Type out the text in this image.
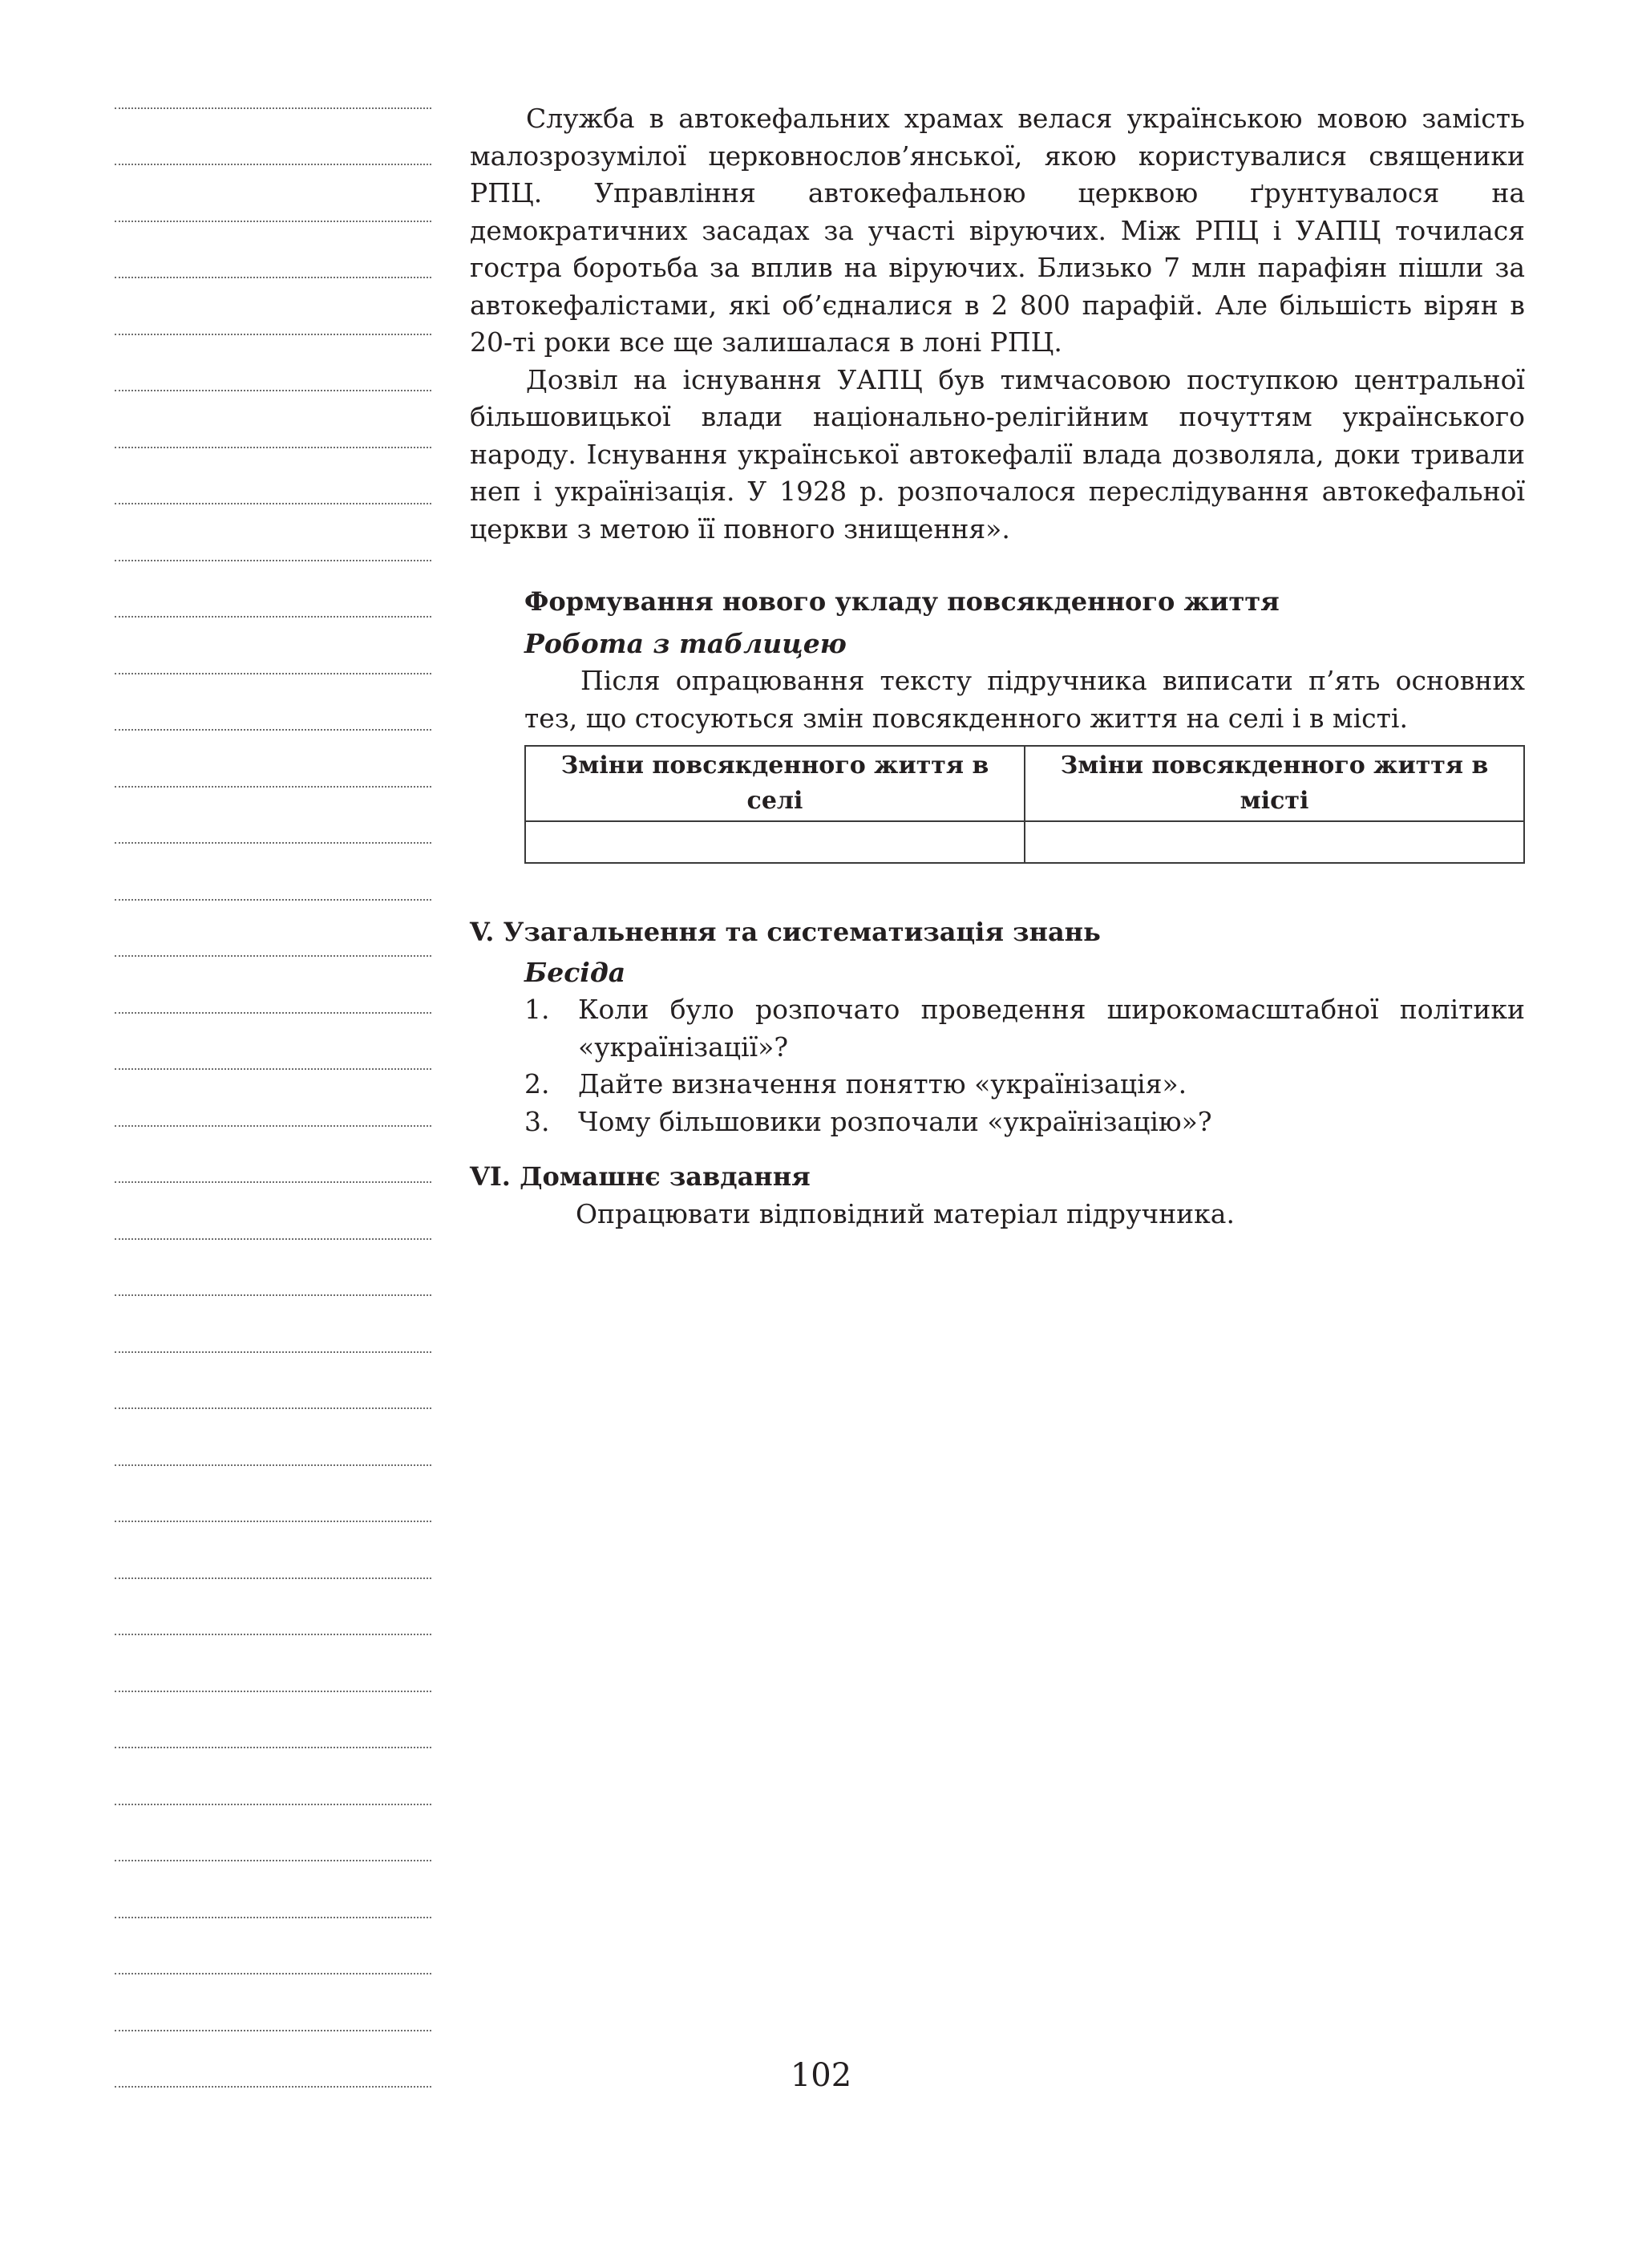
Служба в автокефальних храмах велася українською мовою замість малозрозумілої церковнослов’янської, якою користувалися священики РПЦ. Управління автокефальною церквою ґрунтувалося на демократичних засадах за участі віруючих. Між РПЦ і УАПЦ точилася гостра боротьба за вплив на віруючих. Близько 7 млн парафіян пішли за автокефалістами, які об’єдналися в 2 800 парафій. Але більшість вірян в 20-ті роки все ще залишалася в лоні РПЦ.

Дозвіл на існування УАПЦ був тимчасовою поступкою центральної більшовицької влади національно-релігійним почуттям українського народу. Існування української автокефалії влада дозволяла, доки тривали неп і українізація. У 1928 р. розпочалося переслідування автокефальної церкви з метою її повного знищення».

Формування нового укладу повсякденного життя

Робота з таблицею

Після опрацювання тексту підручника виписати п’ять основних тез, що стосуються змін повсякденного життя на селі і в місті.

Зміни повсякденного життя в селі	Зміни повсякденного життя в місті

V. Узагальнення та систематизація знань

Бесіда

1.	Коли було розпочато проведення широкомасштабної політики «українізації»?
2.	Дайте визначення поняттю «українізація».
3.	Чому більшовики розпочали «українізацію»?

VI. Домашнє завдання

Опрацювати відповідний матеріал підручника.

102
